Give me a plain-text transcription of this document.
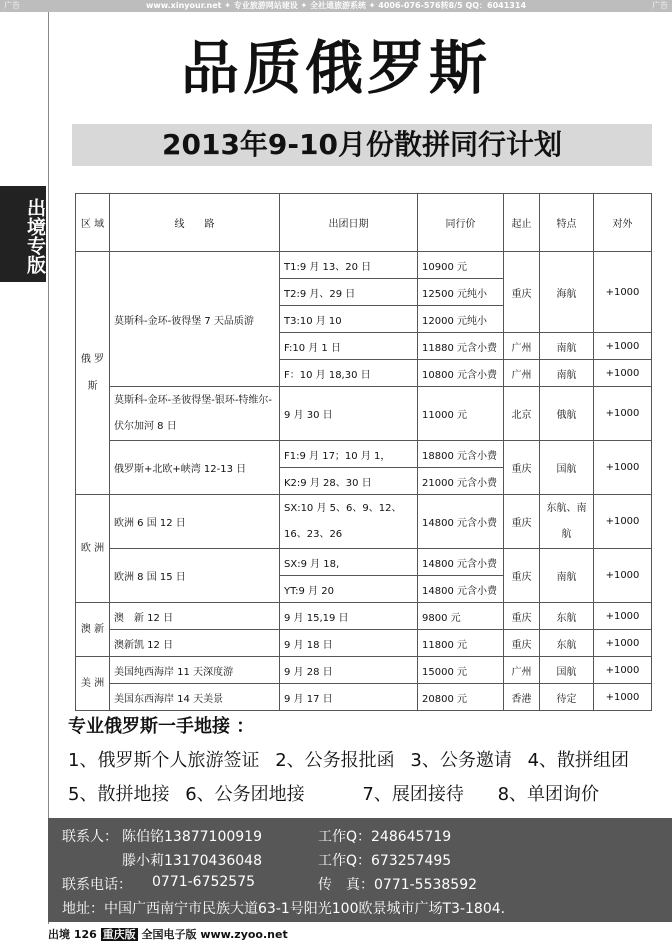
广告	www.xinyour.net ✦ 专业旅游网站建设 ✦ 全社通旅游系统 ✦ 4006-076-576转8/5 QQ：6041314	广告
出境专版
品质俄罗斯
2013年9-10月份散拼同行计划
区 域	线　　路	出团日期	同行价	起止	特点	对外
俄 罗 斯	莫斯科-金环-彼得堡 7 天品质游	T1:9 月 13、20 日	10900 元	重庆	海航	+1000
		T2:9 月、29 日	12500 元纯小			
		T3:10 月 10	12000 元纯小			
		F:10 月 1 日	11880 元含小费	广州	南航	+1000
		F：10 月 18,30 日	10800 元含小费	广州	南航	+1000
	莫斯科-金环-圣彼得堡-银环-特维尔-伏尔加河 8 日	9 月 30 日	11000 元	北京	俄航	+1000
	俄罗斯+北欧+峡湾 12-13 日	F1:9 月 17；10 月 1，	18800 元含小费	重庆	国航	+1000
		K2:9 月 28、30 日	21000 元含小费			
欧 洲	欧洲 6 国 12 日	SX:10 月 5、6、9、12、16、23、26	14800 元含小费	重庆	东航、南航	+1000
	欧洲 8 国 15 日	SX:9 月 18,	14800 元含小费	重庆	南航	+1000
		YT:9 月 20	14800 元含小费			
澳 新	澳　新 12 日	9 月 15,19 日	9800 元	重庆	东航	+1000
	澳新凯 12 日	9 月 18 日	11800 元	重庆	东航	+1000
美 洲	美国纯西海岸 11 天深度游	9 月 28 日	15000 元	广州	国航	+1000
	美国东西海岸 14 天美景	9 月 17 日	20800 元	香港	待定	+1000
专业俄罗斯一手地接 ：
1、俄罗斯个人旅游签证 2、公务报批函 3、公务邀请 4、散拼组团
5、散拼地接 6、公务团地接	7、展团接待 8、单团询价
联系人： 陈伯铭13877100919	工作Q：248645719
滕小莉13170436048	工作Q：673257495
联系电话： 0771-6752575	传　真：0771-5538592
地址：中国广西南宁市民族大道63-1号阳光100欧景城市广场T3-1804.
出境 126 重庆版 全国电子版 www.zyoo.net
